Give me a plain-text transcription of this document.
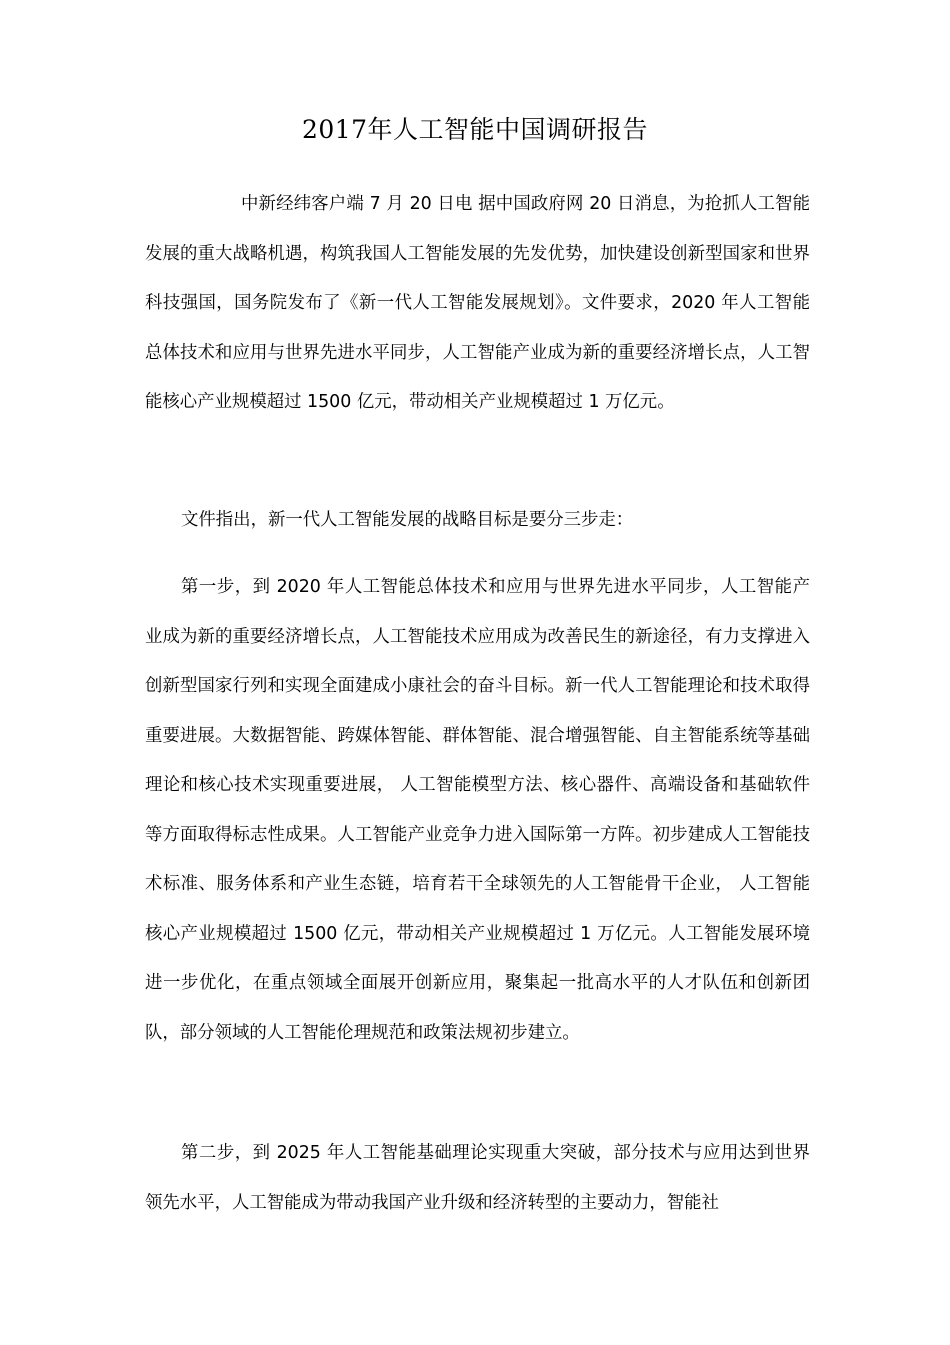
2017年人工智能中国调研报告

中新经纬客户端 7 月 20 日电 据中国政府网 20 日消息，为抢抓人工智能发展的重大战略机遇，构筑我国人工智能发展的先发优势，加快建设创新型国家和世界科技强国，国务院发布了《新一代人工智能发展规划》。文件要求，2020 年人工智能总体技术和应用与世界先进水平同步，人工智能产业成为新的重要经济增长点，人工智能核心产业规模超过 1500 亿元，带动相关产业规模超过 1 万亿元。

文件指出，新一代人工智能发展的战略目标是要分三步走：

第一步，到 2020 年人工智能总体技术和应用与世界先进水平同步，人工智能产业成为新的重要经济增长点，人工智能技术应用成为改善民生的新途径，有力支撑进入创新型国家行列和实现全面建成小康社会的奋斗目标。新一代人工智能理论和技术取得重要进展。大数据智能、跨媒体智能、群体智能、混合增强智能、自主智能系统等基础理论和核心技术实现重要进展， 人工智能模型方法、核心器件、高端设备和基础软件等方面取得标志性成果。人工智能产业竞争力进入国际第一方阵。初步建成人工智能技术标准、服务体系和产业生态链，培育若干全球领先的人工智能骨干企业， 人工智能核心产业规模超过 1500 亿元，带动相关产业规模超过 1 万亿元。人工智能发展环境进一步优化，在重点领域全面展开创新应用，聚集起一批高水平的人才队伍和创新团队，部分领域的人工智能伦理规范和政策法规初步建立。

第二步，到 2025 年人工智能基础理论实现重大突破，部分技术与应用达到世界领先水平，人工智能成为带动我国产业升级和经济转型的主要动力，智能社
